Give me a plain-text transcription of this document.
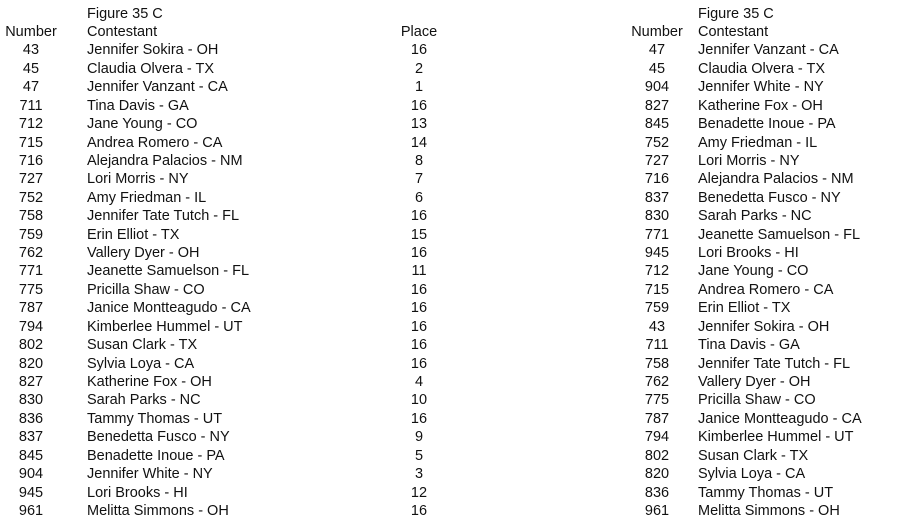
Figure 35 C
Number	Contestant	Place
43	Jennifer Sokira - OH	16
45	Claudia Olvera - TX	2
47	Jennifer Vanzant - CA	1
711	Tina Davis - GA	16
712	Jane Young - CO	13
715	Andrea Romero - CA	14
716	Alejandra Palacios - NM	8
727	Lori Morris - NY	7
752	Amy Friedman - IL	6
758	Jennifer Tate Tutch - FL	16
759	Erin Elliot - TX	15
762	Vallery Dyer - OH	16
771	Jeanette Samuelson - FL	11
775	Pricilla Shaw - CO	16
787	Janice Montteagudo - CA	16
794	Kimberlee Hummel - UT	16
802	Susan Clark - TX	16
820	Sylvia Loya - CA	16
827	Katherine Fox - OH	4
830	Sarah Parks - NC	10
836	Tammy Thomas - UT	16
837	Benedetta Fusco - NY	9
845	Benadette Inoue - PA	5
904	Jennifer White - NY	3
945	Lori Brooks - HI	12
961	Melitta Simmons - OH	16
Figure 35 C
Number	Contestant
47	Jennifer Vanzant - CA
45	Claudia Olvera - TX
904	Jennifer White - NY
827	Katherine Fox - OH
845	Benadette Inoue - PA
752	Amy Friedman - IL
727	Lori Morris - NY
716	Alejandra Palacios - NM
837	Benedetta Fusco - NY
830	Sarah Parks - NC
771	Jeanette Samuelson - FL
945	Lori Brooks - HI
712	Jane Young - CO
715	Andrea Romero - CA
759	Erin Elliot - TX
43	Jennifer Sokira - OH
711	Tina Davis - GA
758	Jennifer Tate Tutch - FL
762	Vallery Dyer - OH
775	Pricilla Shaw - CO
787	Janice Montteagudo - CA
794	Kimberlee Hummel - UT
802	Susan Clark - TX
820	Sylvia Loya - CA
836	Tammy Thomas - UT
961	Melitta Simmons - OH
